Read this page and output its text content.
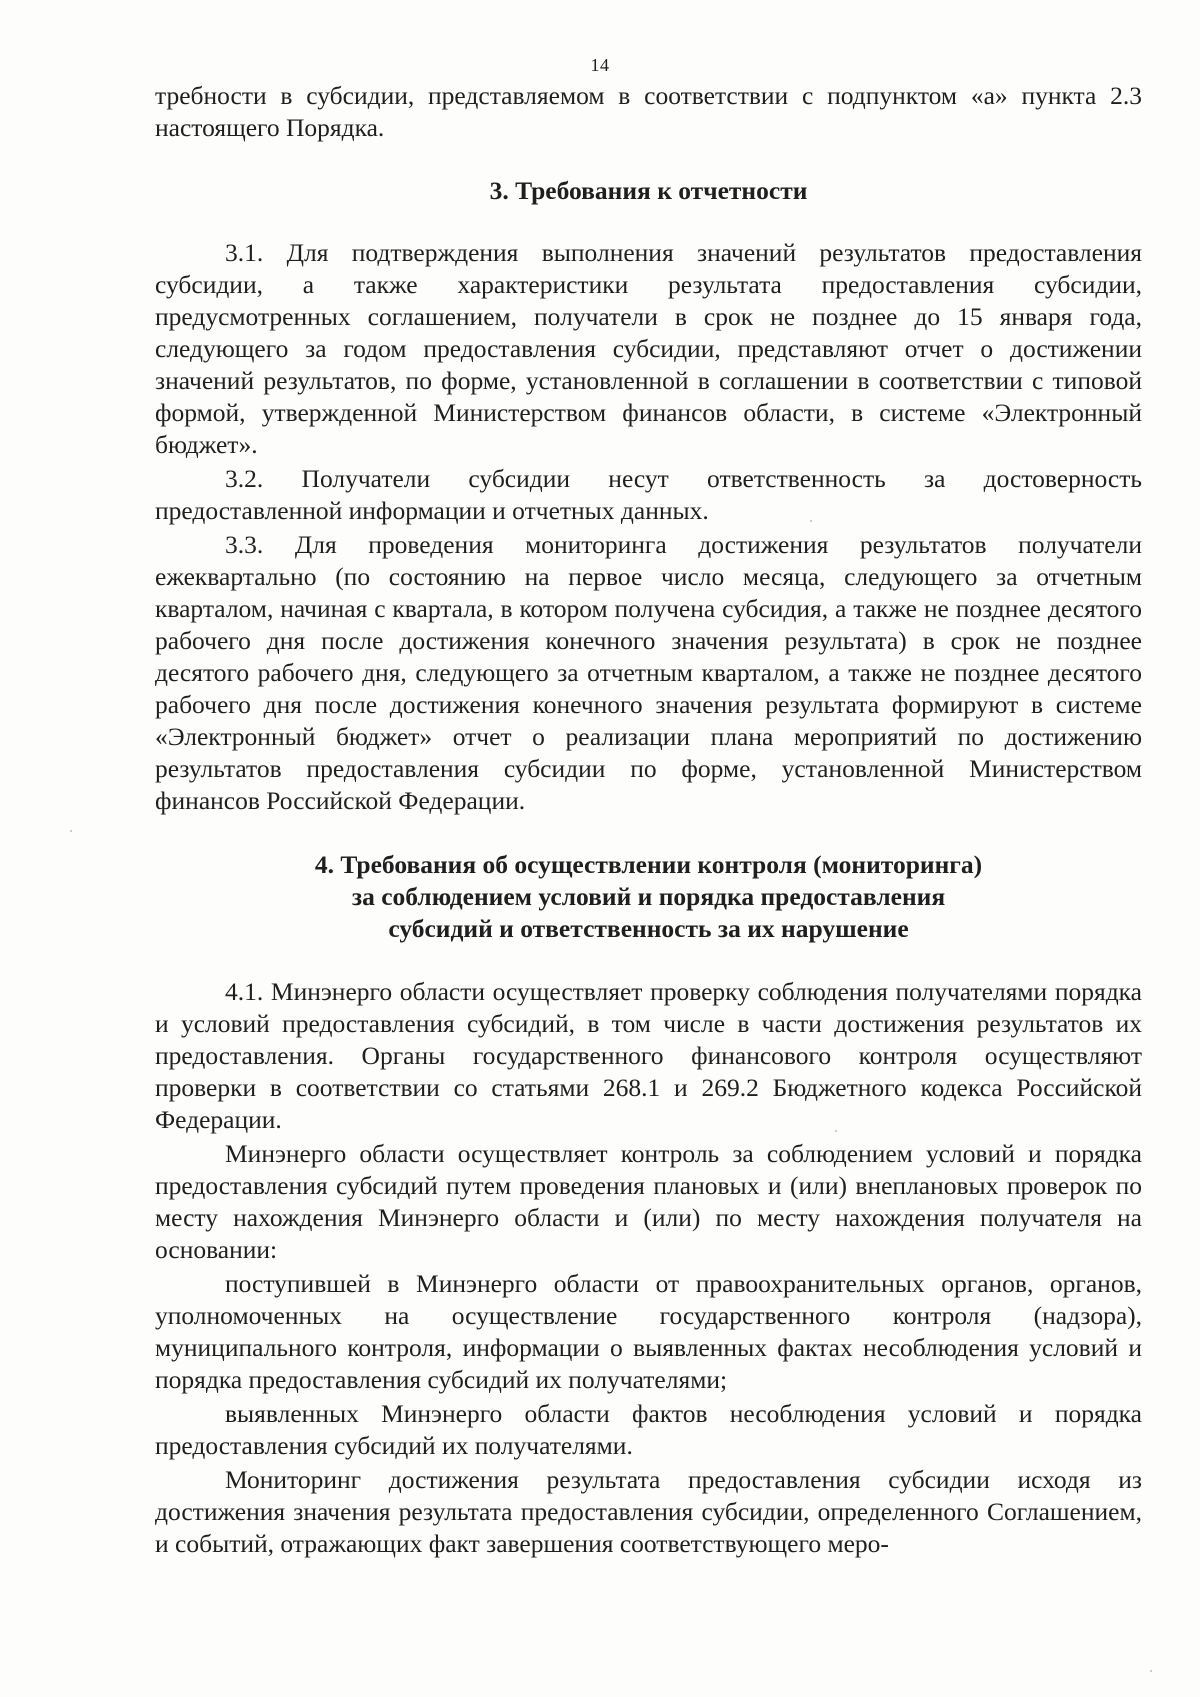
14

требности в субсидии, представляемом в соответствии с подпунктом «а» пункта 2.3 настоящего Порядка.

3. Требования к отчетности

3.1. Для подтверждения выполнения значений результатов предоставления субсидии, а также характеристики результата предоставления субсидии, предусмотренных соглашением, получатели в срок не позднее до 15 января года, следующего за годом предоставления субсидии, представляют отчет о достижении значений результатов, по форме, установленной в соглашении в соответствии с типовой формой, утвержденной Министерством финансов области, в системе «Электронный бюджет».

3.2. Получатели субсидии несут ответственность за достоверность предоставленной информации и отчетных данных.

3.3. Для проведения мониторинга достижения результатов получатели ежеквартально (по состоянию на первое число месяца, следующего за отчетным кварталом, начиная с квартала, в котором получена субсидия, а также не позднее десятого рабочего дня после достижения конечного значения результата) в срок не позднее десятого рабочего дня, следующего за отчетным кварталом, а также не позднее десятого рабочего дня после достижения конечного значения результата формируют в системе «Электронный бюджет» отчет о реализации плана мероприятий по достижению результатов предоставления субсидии по форме, установленной Министерством финансов Российской Федерации.

4. Требования об осуществлении контроля (мониторинга)
за соблюдением условий и порядка предоставления
субсидий и ответственность за их нарушение

4.1. Минэнерго области осуществляет проверку соблюдения получателями порядка и условий предоставления субсидий, в том числе в части достижения результатов их предоставления. Органы государственного финансового контроля осуществляют проверки в соответствии со статьями 268.1 и 269.2 Бюджетного кодекса Российской Федерации.

Минэнерго области осуществляет контроль за соблюдением условий и порядка предоставления субсидий путем проведения плановых и (или) внеплановых проверок по месту нахождения Минэнерго области и (или) по месту нахождения получателя на основании:

поступившей в Минэнерго области от правоохранительных органов, органов, уполномоченных на осуществление государственного контроля (надзора), муниципального контроля, информации о выявленных фактах несоблюдения условий и порядка предоставления субсидий их получателями;

выявленных Минэнерго области фактов несоблюдения условий и порядка предоставления субсидий их получателями.

Мониторинг достижения результата предоставления субсидии исходя из достижения значения результата предоставления субсидии, определенного Соглашением, и событий, отражающих факт завершения соответствующего меро-
